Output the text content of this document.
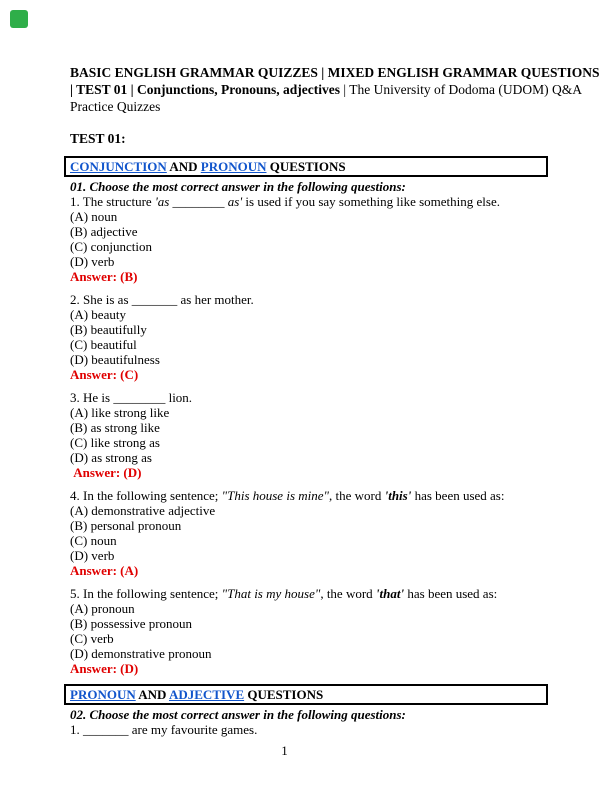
BASIC ENGLISH GRAMMAR QUIZZES | MIXED ENGLISH GRAMMAR QUESTIONS
| TEST 01 | Conjunctions, Pronouns, adjectives | The University of Dodoma (UDOM) Q&A
Practice Quizzes
TEST 01:
CONJUNCTION AND PRONOUN QUESTIONS
01. Choose the most correct answer in the following questions:
1. The structure 'as ________ as' is used if you say something like something else.
(A) noun
(B) adjective
(C) conjunction
(D) verb
Answer: (B)
2. She is as _______ as her mother.
(A) beauty
(B) beautifully
(C) beautiful
(D) beautifulness
Answer: (C)
3. He is ________ lion.
(A) like strong like
(B) as strong like
(C) like strong as
(D) as strong as
Answer: (D)
4. In the following sentence; "This house is mine", the word 'this' has been used as:
(A) demonstrative adjective
(B) personal pronoun
(C) noun
(D) verb
Answer: (A)
5. In the following sentence; "That is my house", the word 'that' has been used as:
(A) pronoun
(B) possessive pronoun
(C) verb
(D) demonstrative pronoun
Answer: (D)
PRONOUN AND ADJECTIVE QUESTIONS
02. Choose the most correct answer in the following questions:
1. _______ are my favourite games.
1
